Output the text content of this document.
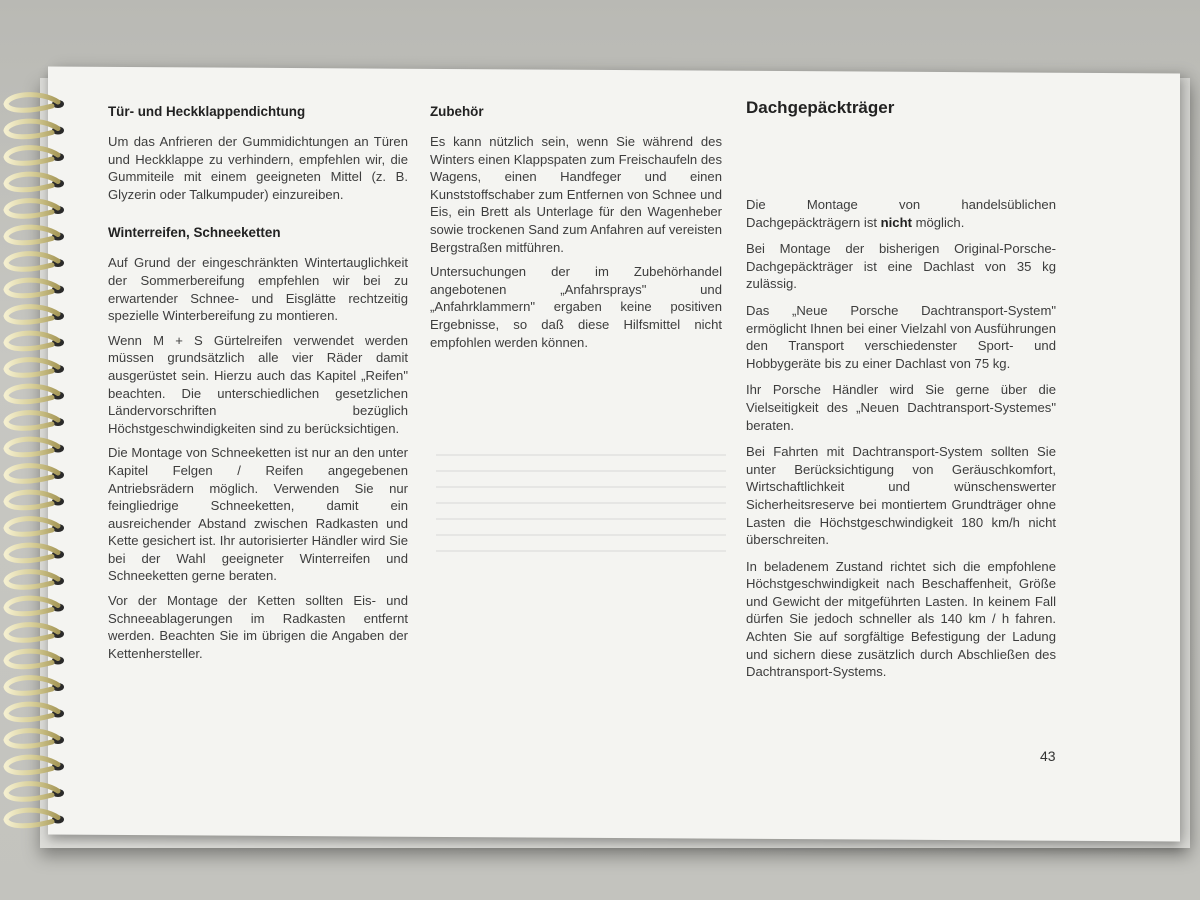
Tür- und Heckklappendichtung

Um das Anfrieren der Gummidichtungen an Türen und Heckklappe zu verhindern, empfehlen wir, die Gummiteile mit einem geeigneten Mittel (z. B. Glyzerin oder Talkumpuder) einzureiben.

Winterreifen, Schneeketten

Auf Grund der eingeschränkten Wintertauglichkeit der Sommerbereifung empfehlen wir bei zu erwartender Schnee- und Eisglätte rechtzeitig spezielle Winterbereifung zu montieren.

Wenn M + S Gürtelreifen verwendet werden müssen grundsätzlich alle vier Räder damit ausgerüstet sein. Hierzu auch das Kapitel „Reifen" beachten. Die unterschiedlichen gesetzlichen Ländervorschriften bezüglich Höchstgeschwindigkeiten sind zu berücksichtigen.

Die Montage von Schneeketten ist nur an den unter Kapitel Felgen / Reifen angegebenen Antriebsrädern möglich. Verwenden Sie nur feingliedrige Schneeketten, damit ein ausreichender Abstand zwischen Radkasten und Kette gesichert ist. Ihr autorisierter Händler wird Sie bei der Wahl geeigneter Winterreifen und Schneeketten gerne beraten.

Vor der Montage der Ketten sollten Eis- und Schneeablagerungen im Radkasten entfernt werden. Beachten Sie im übrigen die Angaben der Kettenhersteller.

Zubehör

Es kann nützlich sein, wenn Sie während des Winters einen Klappspaten zum Freischaufeln des Wagens, einen Handfeger und einen Kunststoffschaber zum Entfernen von Schnee und Eis, ein Brett als Unterlage für den Wagenheber sowie trockenen Sand zum Anfahren auf vereisten Bergstraßen mitführen.

Untersuchungen der im Zubehörhandel angebotenen „Anfahrsprays" und „Anfahrklammern" ergaben keine positiven Ergebnisse, so daß diese Hilfsmittel nicht empfohlen werden können.

Dachgepäckträger

Die Montage von handelsüblichen Dachgepäckträgern ist nicht möglich.

Bei Montage der bisherigen Original-Porsche-Dachgepäckträger ist eine Dachlast von 35 kg zulässig.

Das „Neue Porsche Dachtransport-System" ermöglicht Ihnen bei einer Vielzahl von Ausführungen den Transport verschiedenster Sport- und Hobbygeräte bis zu einer Dachlast von 75 kg.

Ihr Porsche Händler wird Sie gerne über die Vielseitigkeit des „Neuen Dachtransport-Systemes" beraten.

Bei Fahrten mit Dachtransport-System sollten Sie unter Berücksichtigung von Geräuschkomfort, Wirtschaftlichkeit und wünschenswerter Sicherheitsreserve bei montiertem Grundträger ohne Lasten die Höchstgeschwindigkeit 180 km/h nicht überschreiten.

In beladenem Zustand richtet sich die empfohlene Höchstgeschwindigkeit nach Beschaffenheit, Größe und Gewicht der mitgeführten Lasten. In keinem Fall dürfen Sie jedoch schneller als 140 km / h fahren. Achten Sie auf sorgfältige Befestigung der Ladung und sichern diese zusätzlich durch Abschließen des Dachtransport-Systems.

43
